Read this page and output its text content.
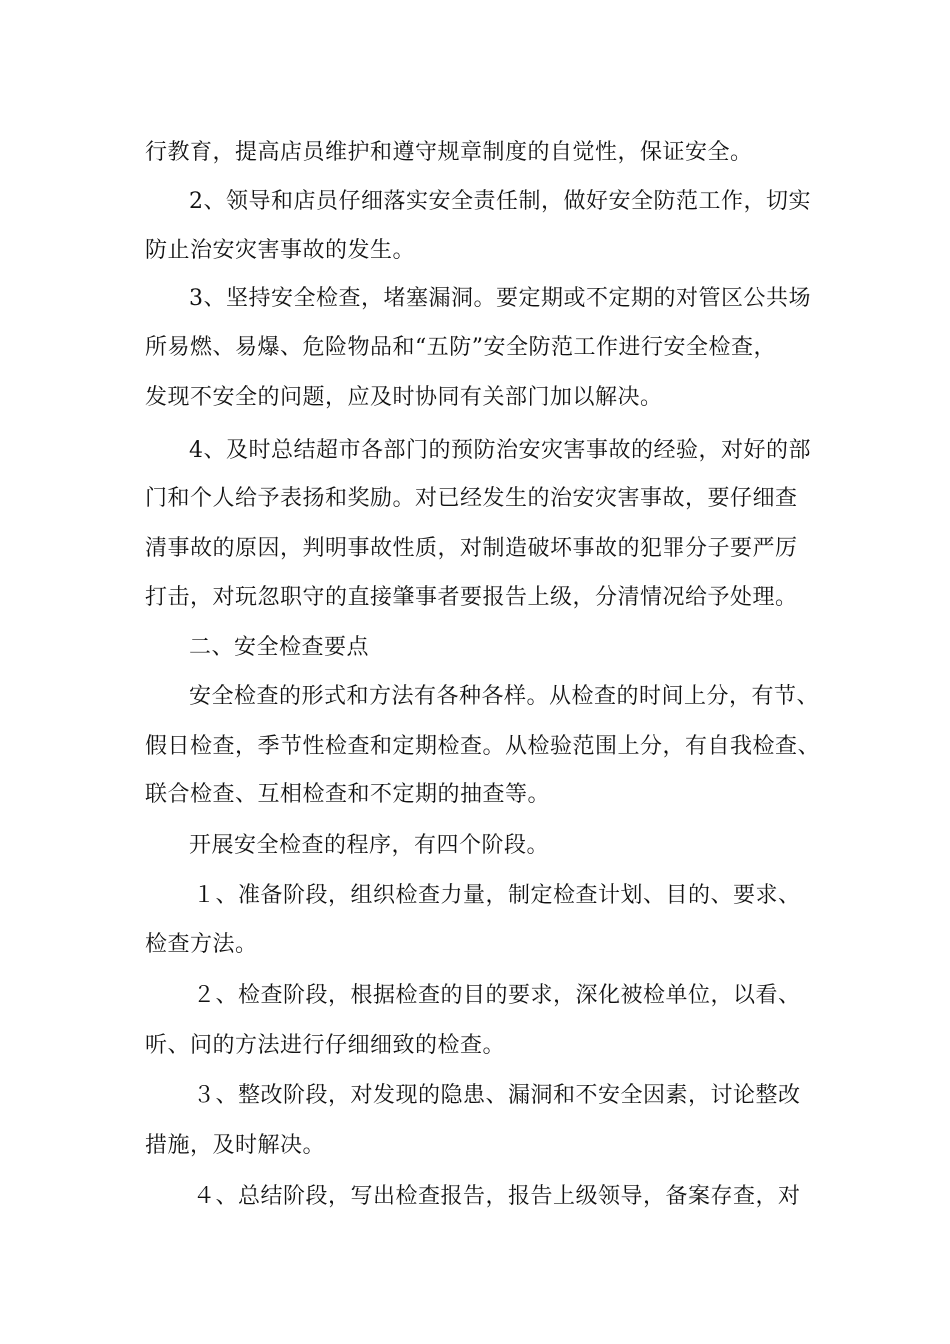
行教育，提高店员维护和遵守规章制度的自觉性，保证安全。
2、领导和店员仔细落实安全责任制，做好安全防范工作，切实
防止治安灾害事故的发生。
3、坚持安全检查，堵塞漏洞。要定期或不定期的对管区公共场
所易燃、易爆、危险物品和“五防”安全防范工作进行安全检查，
发现不安全的问题，应及时协同有关部门加以解决。
4、及时总结超市各部门的预防治安灾害事故的经验，对好的部
门和个人给予表扬和奖励。对已经发生的治安灾害事故，要仔细查
清事故的原因，判明事故性质，对制造破坏事故的犯罪分子要严厉
打击，对玩忽职守的直接肇事者要报告上级，分清情况给予处理。
二、安全检查要点
安全检查的形式和方法有各种各样。从检查的时间上分，有节、
假日检查，季节性检查和定期检查。从检验范围上分，有自我检查、
联合检查、互相检查和不定期的抽查等。
开展安全检查的程序，有四个阶段。
１、准备阶段，组织检查力量，制定检查计划、目的、要求、
检查方法。
２、检查阶段，根据检查的目的要求，深化被检单位，以看、
听、问的方法进行仔细细致的检查。
３、整改阶段，对发现的隐患、漏洞和不安全因素，讨论整改
措施，及时解决。
４、总结阶段，写出检查报告，报告上级领导，备案存查，对
